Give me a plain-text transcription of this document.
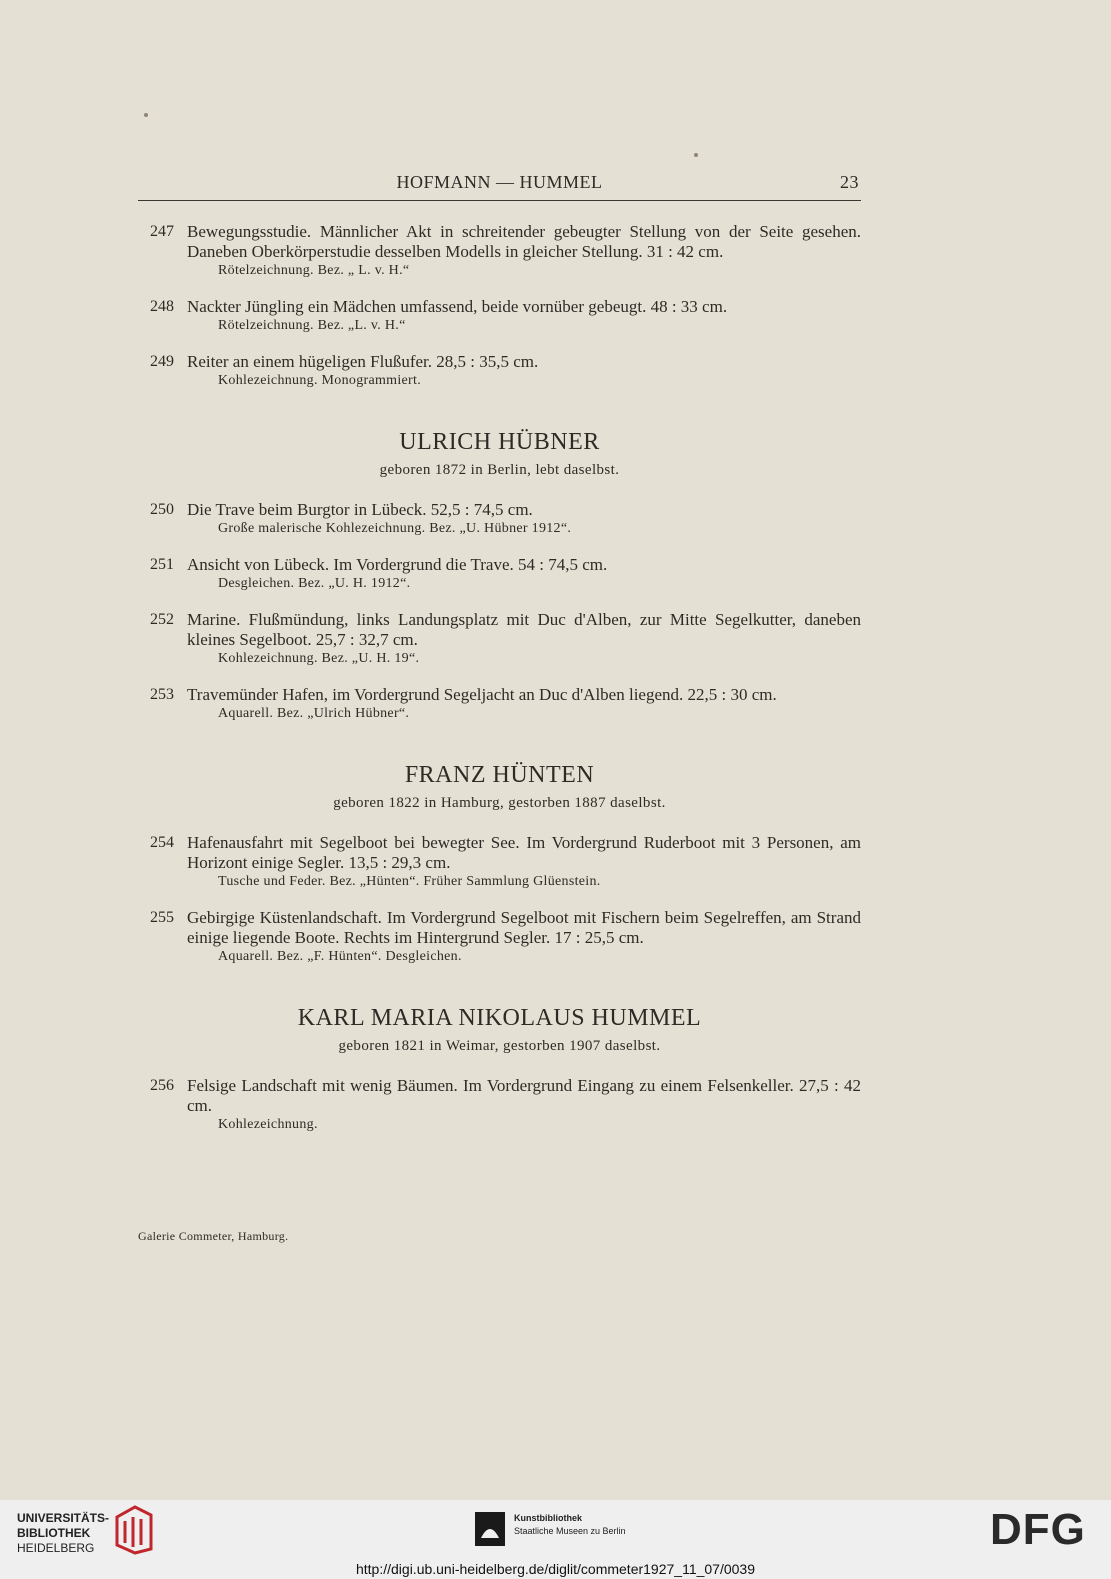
HOFMANN — HUMMEL	23
247 Bewegungsstudie. Männlicher Akt in schreitender gebeugter Stellung von der Seite gesehen. Daneben Oberkörperstudie desselben Modells in gleicher Stellung. 31 : 42 cm.
Rötelzeichnung. Bez. „ L. v. H.“
248 Nackter Jüngling ein Mädchen umfassend, beide vornüber gebeugt. 48 : 33 cm.
Rötelzeichnung. Bez. „L. v. H.“
249 Reiter an einem hügeligen Flußufer. 28,5 : 35,5 cm.
Kohlezeichnung. Monogrammiert.
ULRICH HÜBNER
geboren 1872 in Berlin, lebt daselbst.
250 Die Trave beim Burgtor in Lübeck. 52,5 : 74,5 cm.
Große malerische Kohlezeichnung. Bez. „U. Hübner 1912“.
251 Ansicht von Lübeck. Im Vordergrund die Trave. 54 : 74,5 cm.
Desgleichen. Bez. „U. H. 1912“.
252 Marine. Flußmündung, links Landungsplatz mit Duc d'Alben, zur Mitte Segelkutter, daneben kleines Segelboot. 25,7 : 32,7 cm.
Kohlezeichnung. Bez. „U. H. 19“.
253 Travemünder Hafen, im Vordergrund Segeljacht an Duc d'Alben liegend. 22,5 : 30 cm.
Aquarell. Bez. „Ulrich Hübner“.
FRANZ HÜNTEN
geboren 1822 in Hamburg, gestorben 1887 daselbst.
254 Hafenausfahrt mit Segelboot bei bewegter See. Im Vordergrund Ruderboot mit 3 Personen, am Horizont einige Segler. 13,5 : 29,3 cm.
Tusche und Feder. Bez. „Hünten“. Früher Sammlung Glüenstein.
255 Gebirgige Küstenlandschaft. Im Vordergrund Segelboot mit Fischern beim Segelreffen, am Strand einige liegende Boote. Rechts im Hintergrund Segler. 17 : 25,5 cm.
Aquarell. Bez. „F. Hünten“. Desgleichen.
KARL MARIA NIKOLAUS HUMMEL
geboren 1821 in Weimar, gestorben 1907 daselbst.
256 Felsige Landschaft mit wenig Bäumen. Im Vordergrund Eingang zu einem Felsenkeller. 27,5 : 42 cm.
Kohlezeichnung.
Galerie Commeter, Hamburg.
UNIVERSITÄTS-
BIBLIOTHEK
HEIDELBERG
Kunstbibliothek
Staatliche Museen zu Berlin	DFG
http://digi.ub.uni-heidelberg.de/diglit/commeter1927_11_07/0039
